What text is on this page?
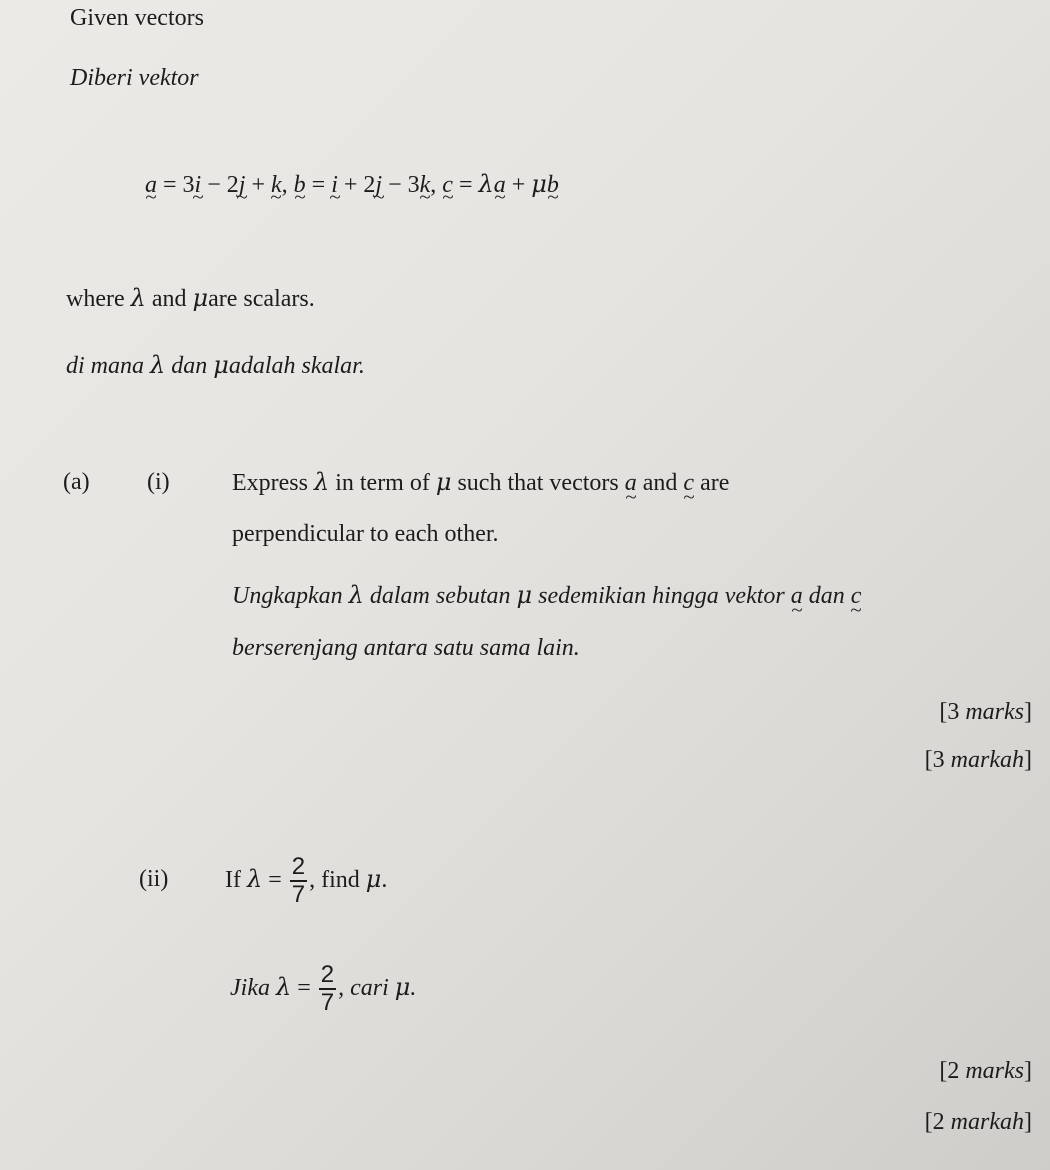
Given vectors
Diberi vektor
a ~ = 3i ~ − 2j ~ + k ~, b ~ = i ~ + 2j ~ − 3k ~, c ~ = λa ~ + μb ~
where λ and μare scalars.
di mana λ dan μadalah skalar.
(a) (i)	Express λ in term of μ such that vectors a ~ and c ~ are
perpendicular to each other.
Ungkapkan λ dalam sebutan μ sedemikian hingga vektor a ~ dan c ~
berserenjang antara satu sama lain.
[3 marks]
[3 markah]
(ii) If $\lambda = \frac{2}{7}$ , find μ.
Jika $\lambda = \frac{2}{7}$ , cari μ.
[2 marks]
[2 markah]
